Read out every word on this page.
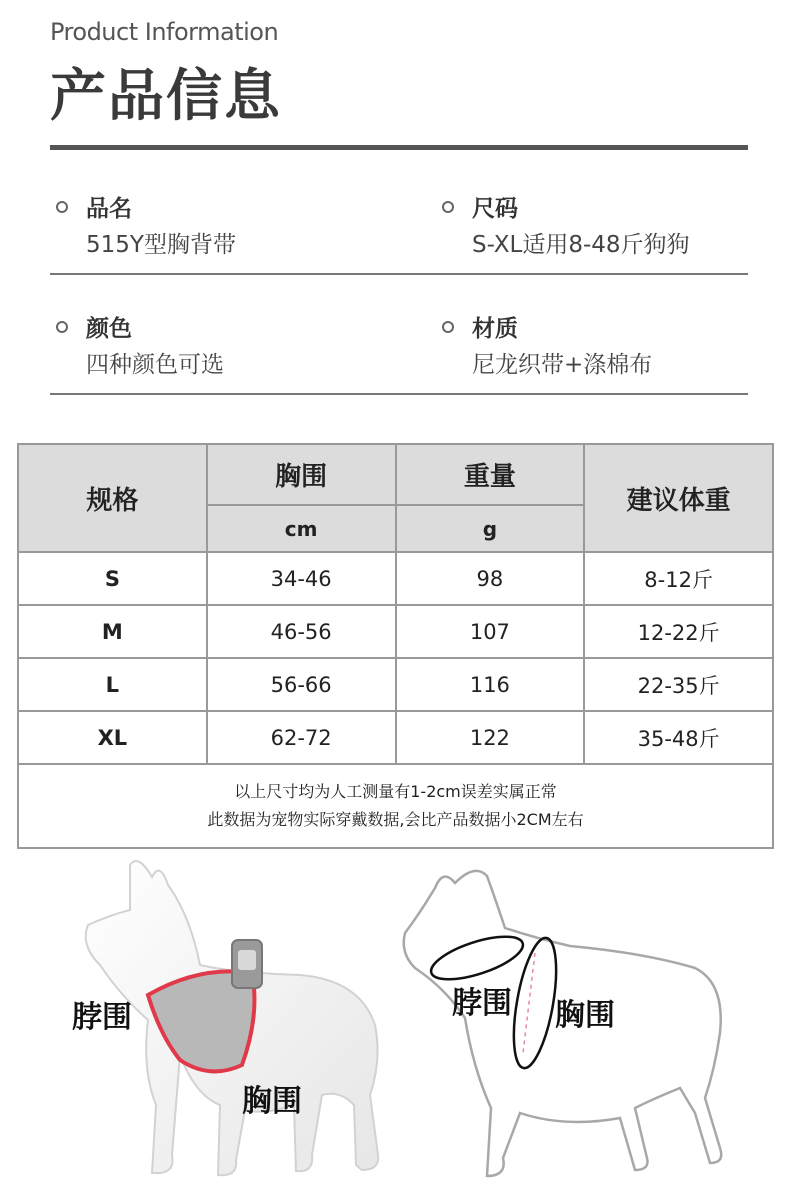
Product Information
产品信息
品名
515Y型胸背带
尺码
S-XL适用8-48斤狗狗
颜色
四种颜色可选
材质
尼龙织带+涤棉布
规格	胸围	重量	建议体重
	cm	g	
S	34-46	98	8-12斤
M	46-56	107	12-22斤
L	56-66	116	22-35斤
XL	62-72	122	35-48斤

以上尺寸均为人工测量有1-2cm误差实属正常
此数据为宠物实际穿戴数据,会比产品数据小2CM左右			
脖围
胸围
脖围 胸围
